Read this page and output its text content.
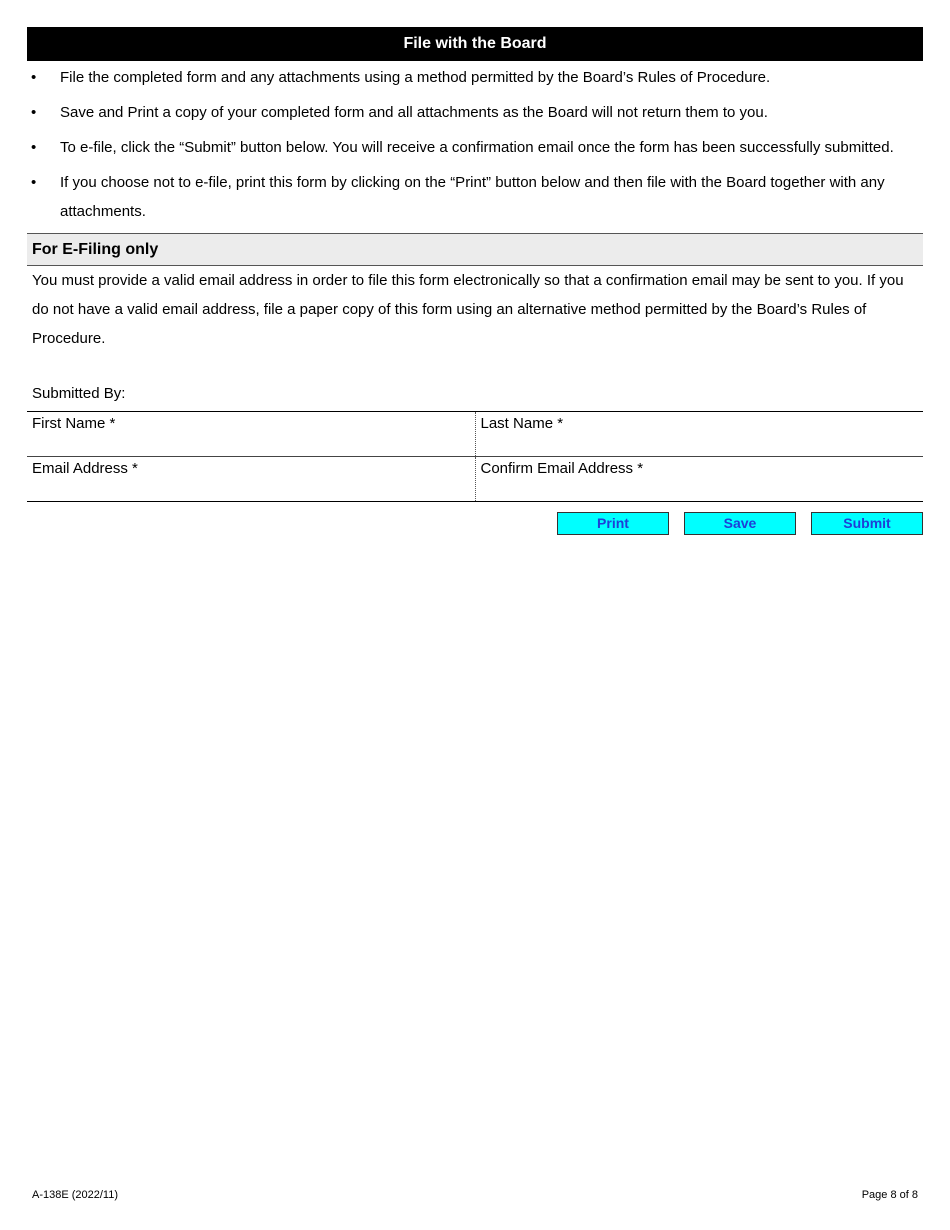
File with the Board
• File the completed form and any attachments using a method permitted by the Board’s Rules of Procedure.
• Save and Print a copy of your completed form and all attachments as the Board will not return them to you.
• To e-file, click the “Submit” button below. You will receive a confirmation email once the form has been successfully submitted.
• If you choose not to e-file, print this form by clicking on the “Print” button below and then file with the Board together with any attachments.
For E-Filing only
You must provide a valid email address in order to file this form electronically so that a confirmation email may be sent to you. If you do not have a valid email address, file a paper copy of this form using an alternative method permitted by the Board’s Rules of Procedure.
Submitted By:
First Name *	Last Name *
Email Address *	Confirm Email Address *
Print	Save	Submit
A-138E (2022/11)	Page 8 of 8
